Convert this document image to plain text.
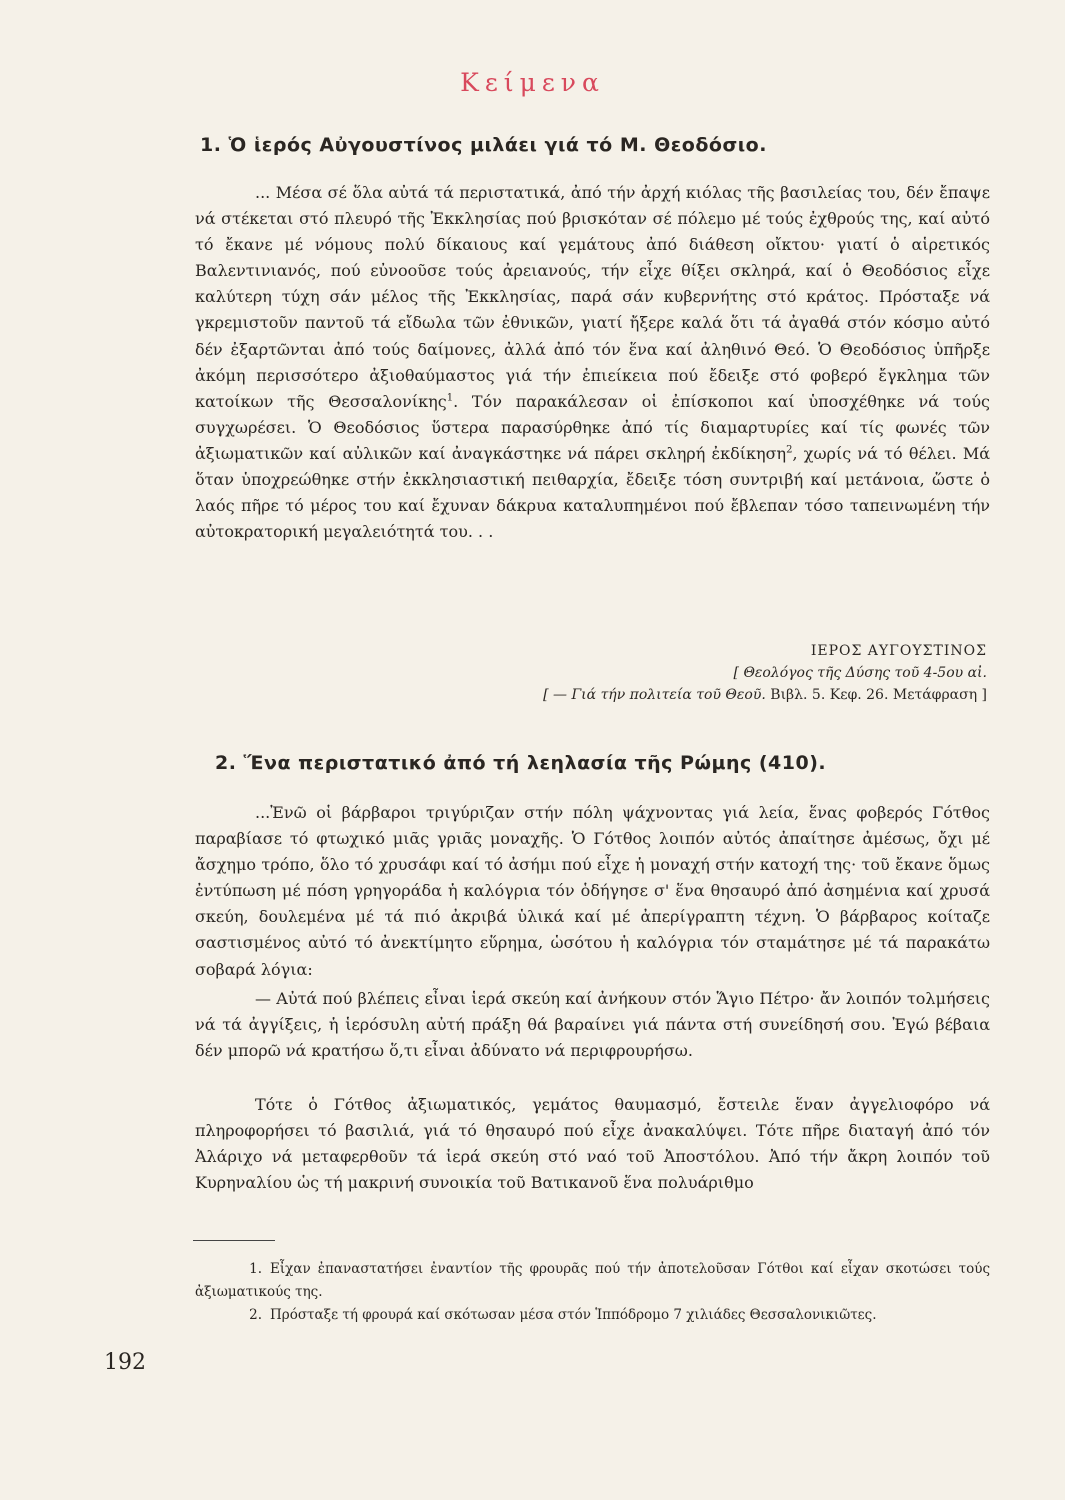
Κείμενα
1. Ὁ ἱερός Αὐγουστίνος μιλάει γιά τό Μ. Θεοδόσιο.
... Μέσα σέ ὅλα αὐτά τά περιστατικά, ἀπό τήν ἀρχή κιόλας τῆς βασιλείας του, δέν ἔπαψε νά στέκεται στό πλευρό τῆς Ἐκκλησίας πού βρισκόταν σέ πόλεμο μέ τούς ἐχθρούς της, καί αὐτό τό ἔκανε μέ νόμους πολύ δίκαιους καί γεμάτους ἀπό διάθεση οἴκτου· γιατί ὁ αἱρετικός Βαλεντινιανός, πού εὐνοοῦσε τούς ἀρειανούς, τήν εἶχε θίξει σκληρά, καί ὁ Θεοδόσιος εἶχε καλύτερη τύχη σάν μέλος τῆς Ἐκκλησίας, παρά σάν κυβερνήτης στό κράτος. Πρόσταξε νά γκρεμιστοῦν παντοῦ τά εἴδωλα τῶν ἐθνικῶν, γιατί ἤξερε καλά ὅτι τά ἀγαθά στόν κόσμο αὐτό δέν ἐξαρτῶνται ἀπό τούς δαίμονες, ἀλλά ἀπό τόν ἕνα καί ἀληθινό Θεό. Ὁ Θεοδόσιος ὑπῆρξε ἀκόμη περισσότερο ἀξιοθαύμαστος γιά τήν ἐπιείκεια πού ἔδειξε στό φοβερό ἔγκλημα τῶν κατοίκων τῆς Θεσσαλονίκης$^1$. Τόν παρακάλεσαν οἱ ἐπίσκοποι καί ὑποσχέθηκε νά τούς συγχωρέσει. Ὁ Θεοδόσιος ὕστερα παρασύρθηκε ἀπό τίς διαμαρτυρίες καί τίς φωνές τῶν ἀξιωματικῶν καί αὐλικῶν καί ἀναγκάστηκε νά πάρει σκληρή ἐκδίκηση$^2$, χωρίς νά τό θέλει. Μά ὅταν ὑποχρεώθηκε στήν ἐκκλησιαστική πειθαρχία, ἔδειξε τόση συντριβή καί μετάνοια, ὥστε ὁ λαός πῆρε τό μέρος του καί ἔχυναν δάκρυα καταλυπημένοι πού ἔβλεπαν τόσο ταπεινωμένη τήν αὐτοκρατορική μεγαλειότητά του. . .
ΙΕΡΟΣ ΑΥΓΟΥΣΤΙΝΟΣ
[ Θεολόγος τῆς Δύσης τοῦ 4-5ου αἰ.
[ — Γιά τήν πολιτεία τοῦ Θεοῦ. Βιβλ. 5. Κεφ. 26. Μετάφραση ]
2. Ἕνα περιστατικό ἀπό τή λεηλασία τῆς Ρώμης (410).
...Ἐνῶ οἱ βάρβαροι τριγύριζαν στήν πόλη ψάχνοντας γιά λεία, ἕνας φοβερός Γότθος παραβίασε τό φτωχικό μιᾶς γριᾶς μοναχῆς. Ὁ Γότθος λοιπόν αὐτός ἀπαίτησε ἀμέσως, ὄχι μέ ἄσχημο τρόπο, ὅλο τό χρυσάφι καί τό ἀσήμι πού εἶχε ἡ μοναχή στήν κατοχή της· τοῦ ἔκανε ὅμως ἐντύπωση μέ πόση γρηγοράδα ἡ καλόγρια τόν ὁδήγησε σ' ἕνα θησαυρό ἀπό ἀσημένια καί χρυσά σκεύη, δουλεμένα μέ τά πιό ἀκριβά ὑλικά καί μέ ἀπερίγραπτη τέχνη. Ὁ βάρβαρος κοίταζε σαστισμένος αὐτό τό ἀνεκτίμητο εὕρημα, ὡσότου ἡ καλόγρια τόν σταμάτησε μέ τά παρακάτω σοβαρά λόγια:
— Αὐτά πού βλέπεις εἶναι ἱερά σκεύη καί ἀνήκουν στόν Ἅγιο Πέτρο· ἄν λοιπόν τολμήσεις νά τά ἀγγίξεις, ἡ ἱερόσυλη αὐτή πράξη θά βαραίνει γιά πάντα στή συνείδησή σου. Ἐγώ βέβαια δέν μπορῶ νά κρατήσω ὅ,τι εἶναι ἀδύνατο νά περιφρουρήσω.
Τότε ὁ Γότθος ἀξιωματικός, γεμάτος θαυμασμό, ἔστειλε ἕναν ἀγγελιοφόρο νά πληροφορήσει τό βασιλιά, γιά τό θησαυρό πού εἶχε ἀνακαλύψει. Τότε πῆρε διαταγή ἀπό τόν Ἀλάριχο νά μεταφερθοῦν τά ἱερά σκεύη στό ναό τοῦ Ἀποστόλου. Ἀπό τήν ἄκρη λοιπόν τοῦ Κυρηναλίου ὡς τή μακρινή συνοικία τοῦ Βατικανοῦ ἕνα πολυάριθμο
1. Εἶχαν ἐπαναστατήσει ἐναντίον τῆς φρουρᾶς πού τήν ἀποτελοῦσαν Γότθοι καί εἶχαν σκοτώσει τούς ἀξιωματικούς της.
2. Πρόσταξε τή φρουρά καί σκότωσαν μέσα στόν Ἱππόδρομο 7 χιλιάδες Θεσσαλονικιῶτες.
192
